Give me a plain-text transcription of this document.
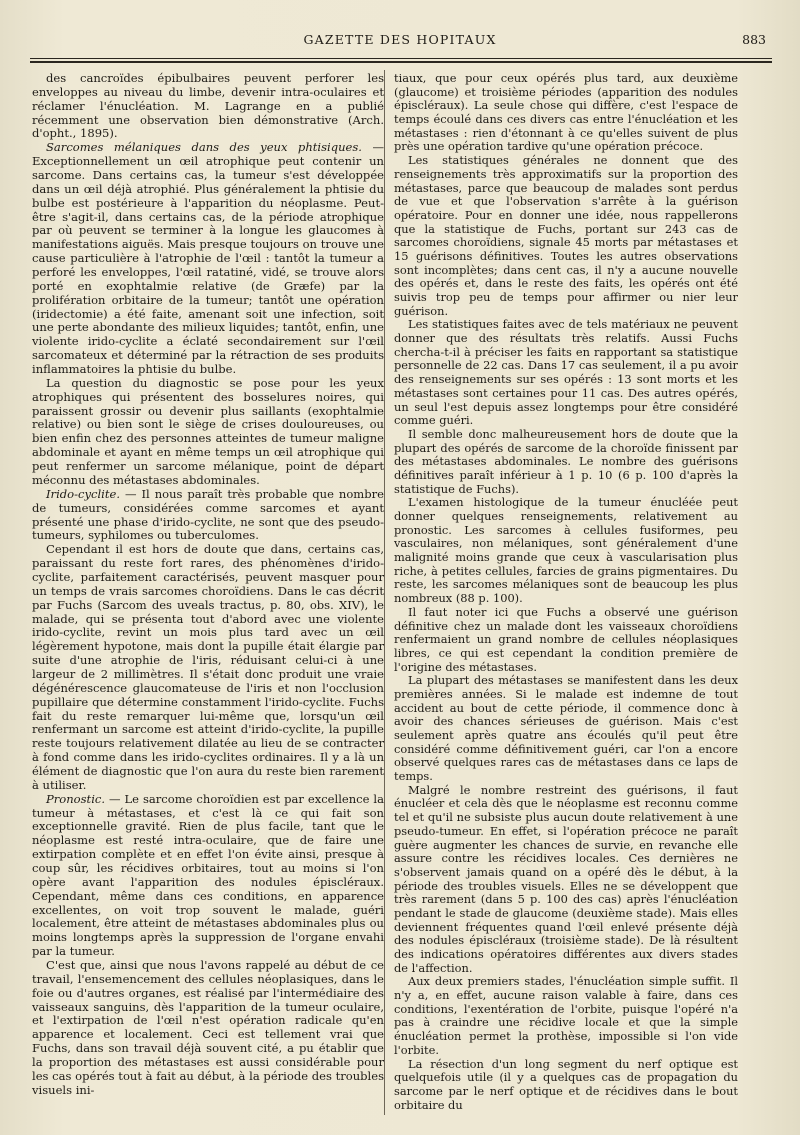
GAZETTE DES HOPITAUX	883

des cancroïdes épibulbaires peuvent perforer les enveloppes au niveau du limbe, devenir intra-oculaires et réclamer l'énucléation. M. Lagrange en a publié récemment une observation bien démonstrative (Arch. d'opht., 1895).

Sarcomes mélaniques dans des yeux phtisiques. — Exceptionnellement un œil atrophique peut contenir un sarcome. Dans certains cas, la tumeur s'est développée dans un œil déjà atrophié. Plus généralement la phtisie du bulbe est postérieure à l'apparition du néoplasme. Peut-être s'agit-il, dans certains cas, de la période atrophique par où peuvent se terminer à la longue les glaucomes à manifestations aiguës. Mais presque toujours on trouve une cause particulière à l'atrophie de l'œil : tantôt la tumeur a perforé les enveloppes, l'œil ratatiné, vidé, se trouve alors porté en exophtalmie relative (de Græfe) par la prolifération orbitaire de la tumeur; tantôt une opération (iridectomie) a été faite, amenant soit une infection, soit une perte abondante des milieux liquides; tantôt, enfin, une violente irido-cyclite a éclaté secondairement sur l'œil sarcomateux et déterminé par la rétraction de ses produits inflammatoires la phtisie du bulbe.

La question du diagnostic se pose pour les yeux atrophiques qui présentent des bosselures noires, qui paraissent grossir ou devenir plus saillants (exophtalmie relative) ou bien sont le siège de crises douloureuses, ou bien enfin chez des personnes atteintes de tumeur maligne abdominale et ayant en même temps un œil atrophique qui peut renfermer un sarcome mélanique, point de départ méconnu des métastases abdominales.

Irido-cyclite. — Il nous paraît très probable que nombre de tumeurs, considérées comme sarcomes et ayant présenté une phase d'irido-cyclite, ne sont que des pseudo-tumeurs, syphilomes ou tuberculomes.

Cependant il est hors de doute que dans, certains cas, paraissant du reste fort rares, des phénomènes d'irido-cyclite, parfaitement caractérisés, peuvent masquer pour un temps de vrais sarcomes choroïdiens. Dans le cas décrit par Fuchs (Sarcom des uveals tractus, p. 80, obs. XIV), le malade, qui se présenta tout d'abord avec une violente irido-cyclite, revint un mois plus tard avec un œil légèrement hypotone, mais dont la pupille était élargie par suite d'une atrophie de l'iris, réduisant celui-ci à une largeur de 2 millimètres. Il s'était donc produit une vraie dégénérescence glaucomateuse de l'iris et non l'occlusion pupillaire que détermine constamment l'irido-cyclite. Fuchs fait du reste remarquer lui-même que, lorsqu'un œil renfermant un sarcome est atteint d'irido-cyclite, la pupille reste toujours relativement dilatée au lieu de se contracter à fond comme dans les irido-cyclites ordinaires. Il y a là un élément de diagnostic que l'on aura du reste bien rarement à utiliser.

Pronostic. — Le sarcome choroïdien est par excellence la tumeur à métastases, et c'est là ce qui fait son exceptionnelle gravité. Rien de plus facile, tant que le néoplasme est resté intra-oculaire, que de faire une extirpation complète et en effet l'on évite ainsi, presque à coup sûr, les récidives orbitaires, tout au moins si l'on opère avant l'apparition des nodules épiscléraux. Cependant, même dans ces conditions, en apparence excellentes, on voit trop souvent le malade, guéri localement, être atteint de métastases abdominales plus ou moins longtemps après la suppression de l'organe envahi par la tumeur.

C'est que, ainsi que nous l'avons rappelé au début de ce travail, l'ensemencement des cellules néoplasiques, dans le foie ou d'autres organes, est réalisé par l'intermédiaire des vaisseaux sanguins, dès l'apparition de la tumeur oculaire, et l'extirpation de l'œil n'est opération radicale qu'en apparence et localement. Ceci est tellement vrai que Fuchs, dans son travail déjà souvent cité, a pu établir que la proportion des métastases est aussi considérable pour les cas opérés tout à fait au début, à la période des troubles visuels ini-

tiaux, que pour ceux opérés plus tard, aux deuxième (glaucome) et troisième périodes (apparition des nodules épiscléraux). La seule chose qui diffère, c'est l'espace de temps écoulé dans ces divers cas entre l'énucléation et les métastases : rien d'étonnant à ce qu'elles suivent de plus près une opération tardive qu'une opération précoce.

Les statistiques générales ne donnent que des renseignements très approximatifs sur la proportion des métastases, parce que beaucoup de malades sont perdus de vue et que l'observation s'arrête à la guérison opératoire. Pour en donner une idée, nous rappellerons que la statistique de Fuchs, portant sur 243 cas de sarcomes choroïdiens, signale 45 morts par métastases et 15 guérisons définitives. Toutes les autres observations sont incomplètes; dans cent cas, il n'y a aucune nouvelle des opérés et, dans le reste des faits, les opérés ont été suivis trop peu de temps pour affirmer ou nier leur guérison.

Les statistiques faites avec de tels matériaux ne peuvent donner que des résultats très relatifs. Aussi Fuchs chercha-t-il à préciser les faits en rapportant sa statistique personnelle de 22 cas. Dans 17 cas seulement, il a pu avoir des renseignements sur ses opérés : 13 sont morts et les métastases sont certaines pour 11 cas. Des autres opérés, un seul l'est depuis assez longtemps pour être considéré comme guéri.

Il semble donc malheureusement hors de doute que la plupart des opérés de sarcome de la choroïde finissent par des métastases abdominales. Le nombre des guérisons définitives paraît inférieur à 1 p. 10 (6 p. 100 d'après la statistique de Fuchs).

L'examen histologique de la tumeur énucléée peut donner quelques renseignements, relativement au pronostic. Les sarcomes à cellules fusiformes, peu vasculaires, non mélaniques, sont généralement d'une malignité moins grande que ceux à vascularisation plus riche, à petites cellules, farcies de grains pigmentaires. Du reste, les sarcomes mélaniques sont de beaucoup les plus nombreux (88 p. 100).

Il faut noter ici que Fuchs a observé une guérison définitive chez un malade dont les vaisseaux choroïdiens renfermaient un grand nombre de cellules néoplasiques libres, ce qui est cependant la condition première de l'origine des métastases.

La plupart des métastases se manifestent dans les deux premières années. Si le malade est indemne de tout accident au bout de cette période, il commence donc à avoir des chances sérieuses de guérison. Mais c'est seulement après quatre ans écoulés qu'il peut être considéré comme définitivement guéri, car l'on a encore observé quelques rares cas de métastases dans ce laps de temps.

Malgré le nombre restreint des guérisons, il faut énucléer et cela dès que le néoplasme est reconnu comme tel et qu'il ne subsiste plus aucun doute relativement à une pseudo-tumeur. En effet, si l'opération précoce ne paraît guère augmenter les chances de survie, en revanche elle assure contre les récidives locales. Ces dernières ne s'observent jamais quand on a opéré dès le début, à la période des troubles visuels. Elles ne se développent que très rarement (dans 5 p. 100 des cas) après l'énucléation pendant le stade de glaucome (deuxième stade). Mais elles deviennent fréquentes quand l'œil enlevé présente déjà des nodules épiscléraux (troisième stade). De là résultent des indications opératoires différentes aux divers stades de l'affection.

Aux deux premiers stades, l'énucléation simple suffit. Il n'y a, en effet, aucune raison valable à faire, dans ces conditions, l'exentération de l'orbite, puisque l'opéré n'a pas à craindre une récidive locale et que la simple énucléation permet la prothèse, impossible si l'on vide l'orbite.

La résection d'un long segment du nerf optique est quelquefois utile (il y a quelques cas de propagation du sarcome par le nerf optique et de récidives dans le bout orbitaire du
